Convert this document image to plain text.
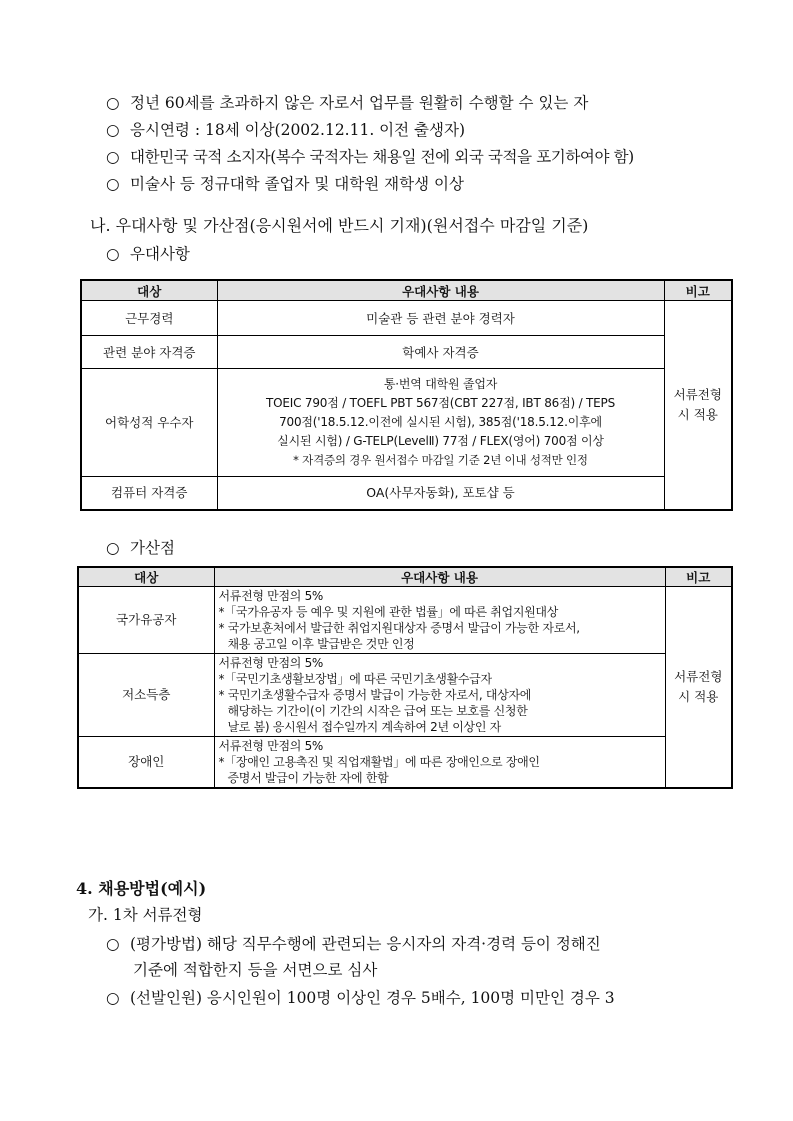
○ 정년 60세를 초과하지 않은 자로서 업무를 원활히 수행할 수 있는 자
○ 응시연령 : 18세 이상(2002.12.11. 이전 출생자)
○ 대한민국 국적 소지자(복수 국적자는 채용일 전에 외국 국적을 포기하여야 함)
○ 미술사 등 정규대학 졸업자 및 대학원 재학생 이상
나. 우대사항 및 가산점(응시원서에 반드시 기재)(원서접수 마감일 기준)
○ 우대사항
대상	우대사항 내용	비고
근무경력	미술관 등 관련 분야 경력자	서류전형 시 적용
관련 분야 자격증	학예사 자격증	
어학성적 우수자	통·번역 대학원 졸업자
TOEIC 790점 / TOEFL PBT 567점(CBT 227점, IBT 86점) / TEPS
700점('18.5.12.이전에 실시된 시험), 385점('18.5.12.이후에
실시된 시험) / G-TELP(LevelⅡ) 77점 / FLEX(영어) 700점 이상
* 자격증의 경우 원서접수 마감일 기준 2년 이내 성적만 인정	

컴퓨터 자격증	OA(사무자동화), 포토샵 등	
○ 가산점
대상	우대사항 내용	비고
국가유공자	서류전형 만점의 5%
*「국가유공자 등 예우 및 지원에 관한 법률」에 따른 취업지원대상
* 국가보훈처에서 발급한 취업지원대상자 증명서 발급이 가능한 자로서,
채용 공고일 이후 발급받은 것만 인정	서류전형 시 적용
저소득층	서류전형 만점의 5%
*「국민기초생활보장법」에 따른 국민기초생활수급자
* 국민기초생활수급자 증명서 발급이 가능한 자로서, 대상자에
해당하는 기간이(이 기간의 시작은 급여 또는 보호를 신청한
날로 봄) 응시원서 접수일까지 계속하여 2년 이상인 자	

장애인	서류전형 만점의 5%
*「장애인 고용촉진 및 직업재활법」에 따른 장애인으로 장애인
증명서 발급이 가능한 자에 한함	
4. 채용방법(예시)
가. 1차 서류전형
○ (평가방법) 해당 직무수행에 관련되는 응시자의 자격·경력 등이 정해진
기준에 적합한지 등을 서면으로 심사
○ (선발인원) 응시인원이 100명 이상인 경우 5배수, 100명 미만인 경우 3
